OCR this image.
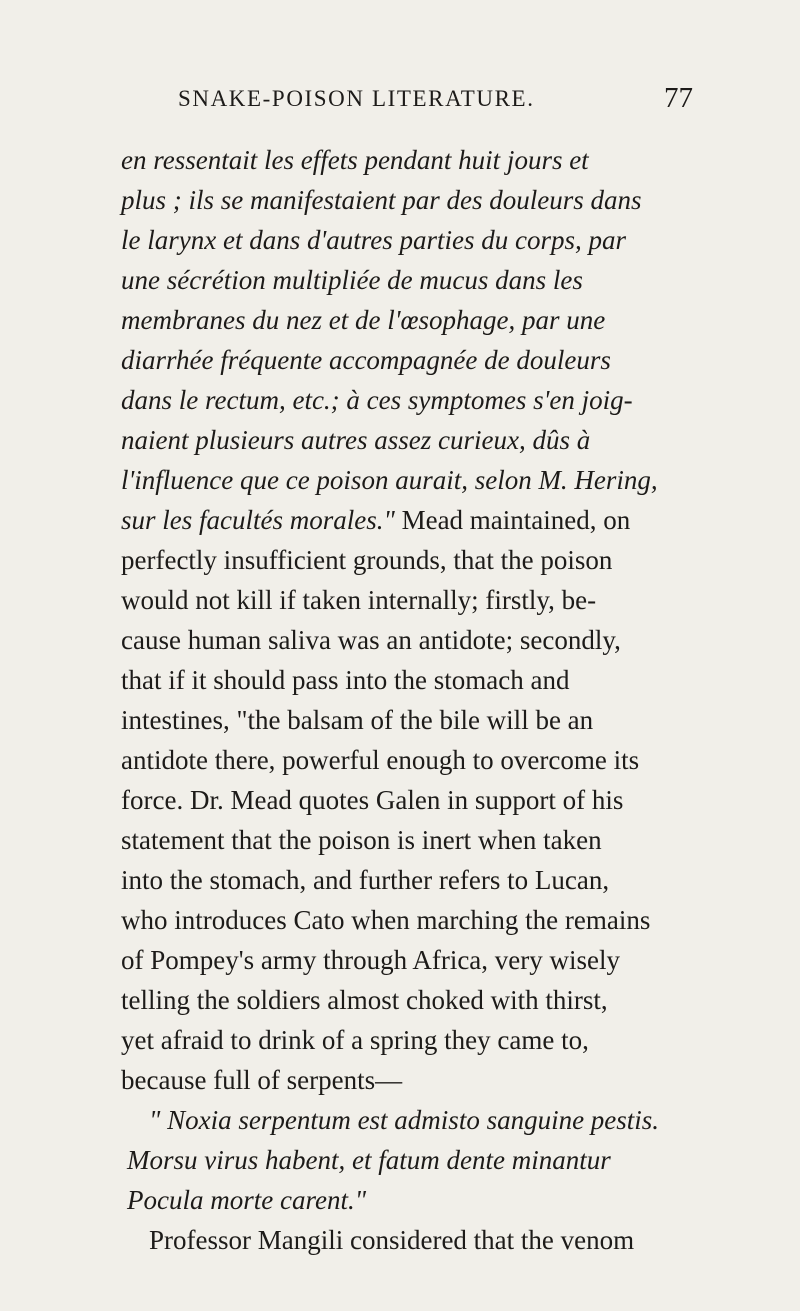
SNAKE-POISON LITERATURE.	77
en ressentait les effets pendant huit jours et
plus ; ils se manifestaient par des douleurs dans
le larynx et dans d'autres parties du corps, par
une sécrétion multipliée de mucus dans les
membranes du nez et de l'œsophage, par une
diarrhée fréquente accompagnée de douleurs
dans le rectum, etc.; à ces symptomes s'en joig-
naient plusieurs autres assez curieux, dûs à
l'influence que ce poison aurait, selon M. Hering,
sur les facultés morales." Mead maintained, on
perfectly insufficient grounds, that the poison
would not kill if taken internally; firstly, be-
cause human saliva was an antidote; secondly,
that if it should pass into the stomach and
intestines, "the balsam of the bile will be an
antidote there, powerful enough to overcome its
force. Dr. Mead quotes Galen in support of his
statement that the poison is inert when taken
into the stomach, and further refers to Lucan,
who introduces Cato when marching the remains
of Pompey's army through Africa, very wisely
telling the soldiers almost choked with thirst,
yet afraid to drink of a spring they came to,
because full of serpents—
" Noxia serpentum est admisto sanguine pestis.
Morsu virus habent, et fatum dente minantur
Pocula morte carent."
Professor Mangili considered that the venom
